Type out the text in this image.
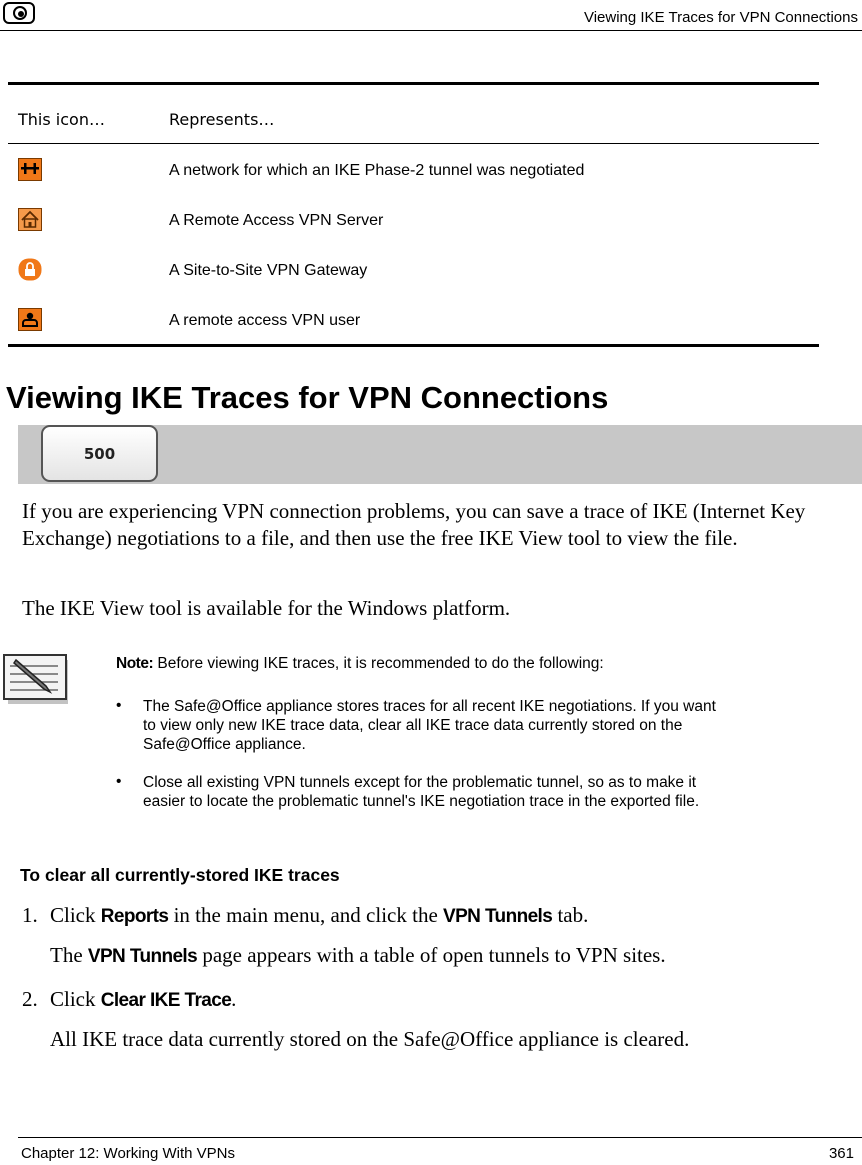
Viewing IKE Traces for VPN Connections
This icon…	Represents…
A network for which an IKE Phase-2 tunnel was negotiated
A Remote Access VPN Server
A Site-to-Site VPN Gateway
A remote access VPN user
Viewing IKE Traces for VPN Connections
500
If you are experiencing VPN connection problems, you can save a trace of IKE (Internet Key Exchange) negotiations to a file, and then use the free IKE View tool to view the file.
The IKE View tool is available for the Windows platform.
Note: Before viewing IKE traces, it is recommended to do the following:
• The Safe@Office appliance stores traces for all recent IKE negotiations. If you want to view only new IKE trace data, clear all IKE trace data currently stored on the Safe@Office appliance.
• Close all existing VPN tunnels except for the problematic tunnel, so as to make it easier to locate the problematic tunnel's IKE negotiation trace in the exported file.
To clear all currently-stored IKE traces
1. Click Reports in the main menu, and click the VPN Tunnels tab.
The VPN Tunnels page appears with a table of open tunnels to VPN sites.
2. Click Clear IKE Trace.
All IKE trace data currently stored on the Safe@Office appliance is cleared.
Chapter 12: Working With VPNs	361
